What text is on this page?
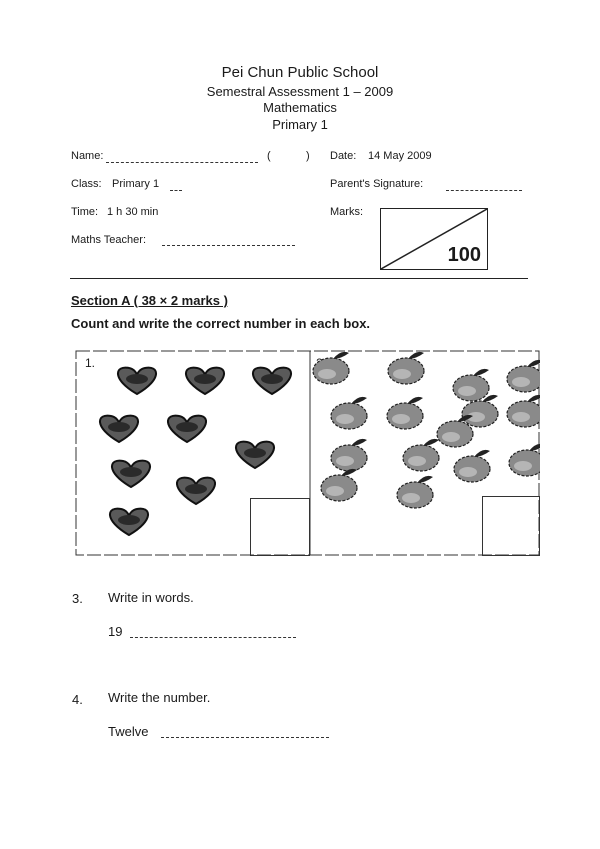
Pei Chun Public School
Semestral Assessment 1 – 2009
Mathematics
Primary 1
Name:	(	) Date: 14 May 2009
Class: Primary 1	Parent's Signature:
Time: 1 h 30 min	Marks:
100
Maths Teacher:
Section A ( 38 × 2 marks )
Count and write the correct number in each box.
1.
3. Write in words.
19
4. Write the number.
Twelve
